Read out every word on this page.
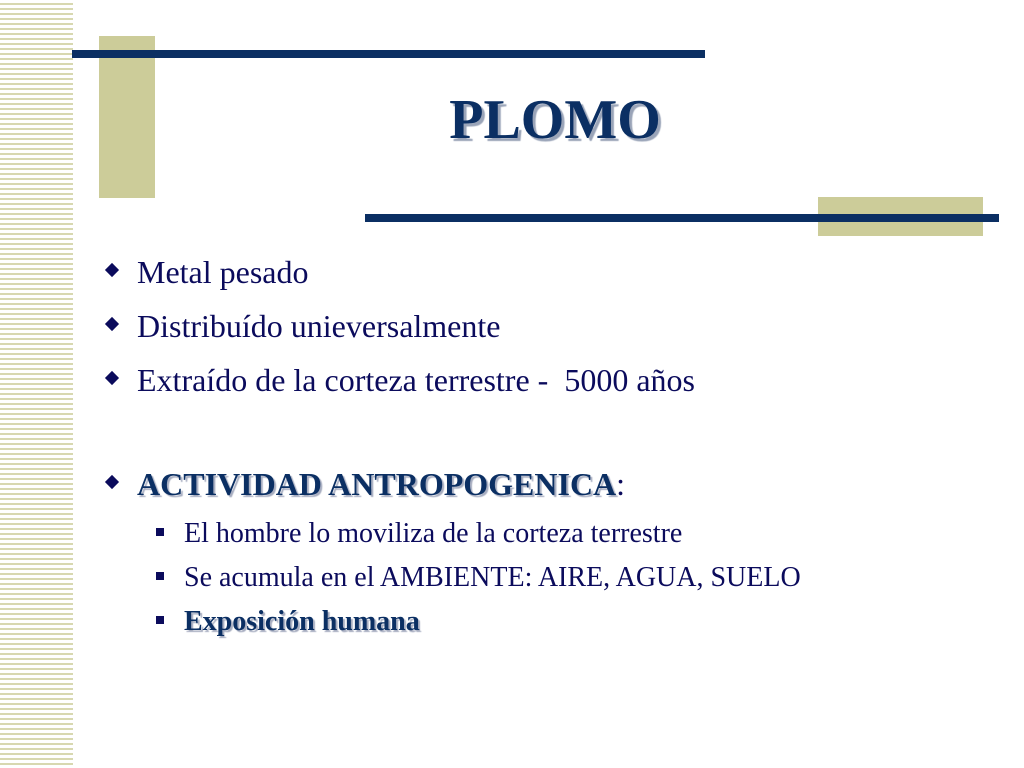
PLOMO
Metal pesado
Distribuído unieversalmente
Extraído de la corteza terrestre -  5000 años
ACTIVIDAD ANTROPOGENICA :
El hombre lo moviliza de la corteza terrestre
Se acumula en el AMBIENTE: AIRE, AGUA, SUELO
Exposición humana
